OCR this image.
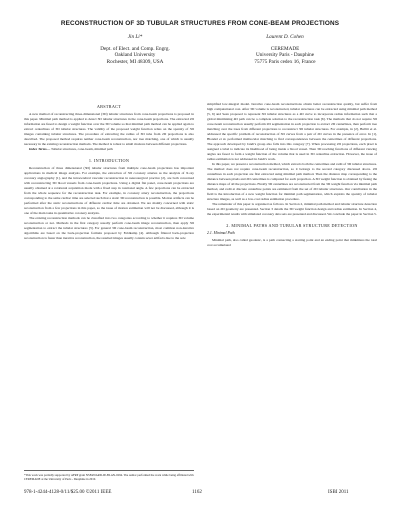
RECONSTRUCTION OF 3D TUBULAR STRUCTURES FROM CONE-BEAM PROJECTIONS
Jin Li*
Dept. of Elect. and Comp. Engrg.
Oakland University
Rochester, MI 48309, USA
Laurent D. Cohen
CEREMADE
University Paris - Dauphine
75775 Paris cedex 16, France
ABSTRACT

A new method of reconstructing three-dimensional (3D) tubular structures from cone-beam projections is proposed in this paper. Minimal path method is applied to detect 3D tubular structures in the cone-beam projections. The extracted 2D information are fused to design a weight function over the 3D volume so that minimal path method can be applied again to extract centerlines of 3D tubular structures. The validity of the proposed weight function relies on the sparsity of 3D images containing tubular structures. The procedure of extracting the radius of 3D tube from 2D projections is also described. The proposed method requires neither cone-beam reconstruction, nor tree matching, one of which is usually necessary in the existing reconstruction methods. The method is robust to small motions between different projections.

Index Terms— Tubular structures, cone-beam, minimal path

1. INTRODUCTION

Reconstruction of three dimensional (3D) tubular structures from multiple cone-beam projections has important applications in medical image analysis. For example, the extraction of 3D coronary arteries as the analysis of X-ray coronary angiography [1], and the intracerebral vascular reconstruction in neurosurgical practice [2], are both concerned with reconstructing 3D blood vessels from cone-beam projections. Using a digital flat panel, cone-beam projections are usually obtained at a rotational acquisition mode with a fixed step in rotational angle. A few projections can be extracted from the whole sequence for the reconstruction task. For example, in coronary artery reconstruction, the projections corresponding to the same cardiac time are selected such that a static 3D reconstruction is possible. Motion artifacts can be performed after the static reconstructions of different cardiac time are obtained. We are mainly concerned with static reconstruction from a few projections in this paper, so the issue of motion estimation will not be discussed, although it is one of the main tasks in quantitative coronary analysis.

The existing reconstruction methods can be classified into two categories according to whether it requires 3D volume reconstruction or not. Methods in the first category usually perform cone-beam image reconstruction, then apply 3D segmentation to extract the tubular structures [3]. For general 3D cone-beam reconstruction, most common non-iterative algorithms are based on the back-projection formula proposed by Feldkamp [4]. Although filtered back-projection reconstruction is faster than iterative reconstruction, the resulted images usually contain sever artifacts due to the sole

*This work was partially supported by AFRP grant NSFAWARD-00-BLAN-0294. The author performed the work while being affiliated with CEREMADE at the University of Paris - Dauphine in 2010.

simplified low-integral model. Iterative cone-beam reconstructions obtain better reconstruction quality, but suffer from high computational cost. After 3D volume is reconstructed, tubular structures can be extracted using minimal path method [5, 6] and Sean proposed to represent 3D tubular structures as a 4D curve to incorporate radius information such that a global minimizing 4D path can be a complete solution to the reconstruction task [6]. The methods that do not require 3D cone-beam reconstruction usually perform 2D segmentation in each projection to extract 2D centerlines, then perform tree matching over the trees from different projections to reconstruct 3D tubular structures. For example, in [2], Bullitt et al. addressed the specific problem of reconstruction of 3D curves from a pair of 2D curves in the presence of error. In [1], Blondel et al. performed multiocular matching to find correspondences between the centerlines of different projections. The approach developed by Jandt's group also falls into this category [7]. When processing 2D projections, each pixel is assigned a label to indicate its likelihood of being inside a blood vessel. Then 3D reaching functions of different viewing angles are fused to form a weight function of the volume that is used in 3D centerline extraction. However, the issue of radius estimation is not addressed in Jandt's work.

In this paper, we present a reconstruction method, which extracts both the centerlines and radii of 3D tubular structures. The method does not require cone-beam reconstruction, so it belongs to the second category discussed above. 2D centerlines in each projection are first extracted using minimal path method. Then the distance map corresponding to the distance between pixels and 2D centerlines is computed for each projection. A 3D weight function is obtained by fusing the distance maps of all the projections. Finally 3D centerlines are reconstructed from the 3D weight function via minimal path method, and radii at discrete centerline points are estimated from the set of 2D tubular structures. Our contribution in the field is the introduction of a new weight function for minimal path segmentation, which exploits the sparsity of tubular structure images, as well as a low-cost radius estimation procedure.

The remainder of this paper is organized as follows. In Section 2, minimal path method and tubular structure detection based on 2D geometry are presented. Section 3 details the 3D weight function design and radius estimation. In Section 4, the experimental results with simulated coronary data sets are presented and discussed. We conclude the paper in Section 5.

2. MINIMAL PATHS AND TUBULAR STRUCTURE DETECTION
2.1. Minimal Path

Minimal path, also called geodesic, is a path connecting a starting point and an ending point that minimizes the total cost accumulated

978-1-4244-4128-0/11/$25.00 ©2011 IEEE	1162	ISBI 2011
